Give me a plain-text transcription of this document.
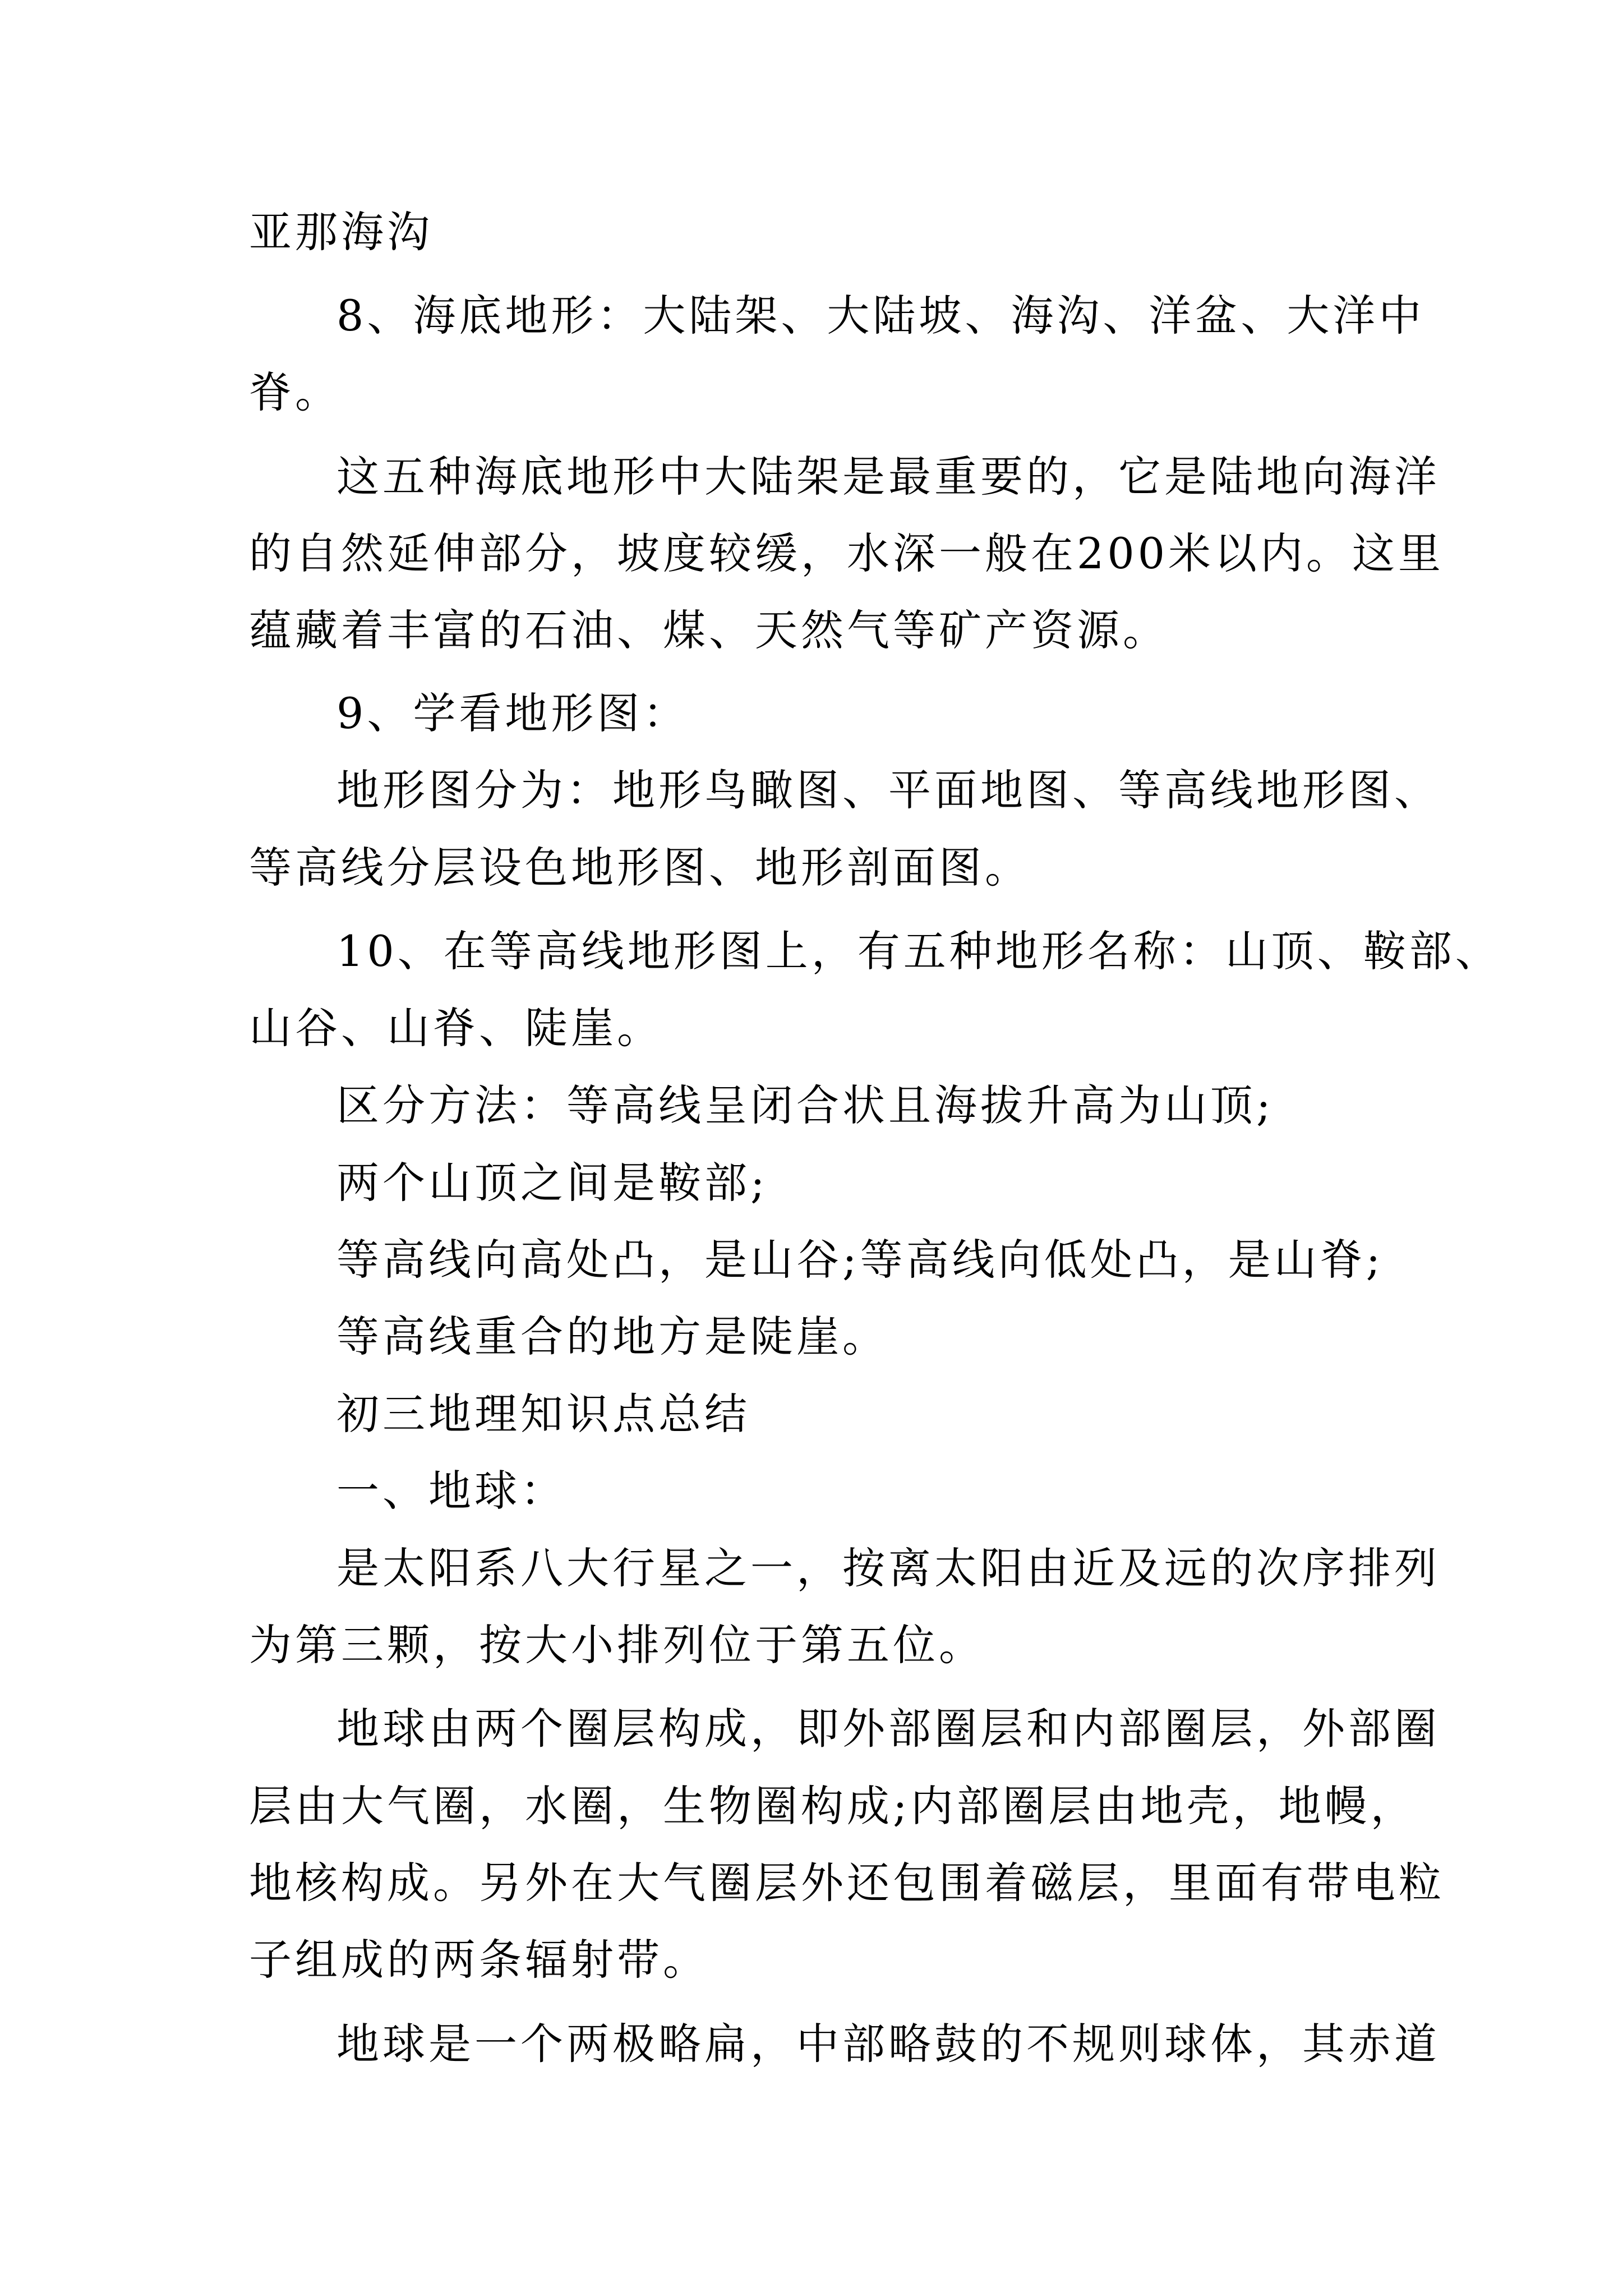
亚那海沟
8、海底地形：大陆架、大陆坡、海沟、洋盆、大洋中
脊。
这五种海底地形中大陆架是最重要的，它是陆地向海洋
的自然延伸部分，坡度较缓，水深一般在200米以内。这里
蕴藏着丰富的石油、煤、天然气等矿产资源。
9、学看地形图：
地形图分为：地形鸟瞰图、平面地图、等高线地形图、
等高线分层设色地形图、地形剖面图。
10、在等高线地形图上，有五种地形名称：山顶、鞍部、
山谷、山脊、陡崖。
区分方法：等高线呈闭合状且海拔升高为山顶;
两个山顶之间是鞍部;
等高线向高处凸，是山谷;等高线向低处凸，是山脊;
等高线重合的地方是陡崖。
初三地理知识点总结
一、地球：
是太阳系八大行星之一，按离太阳由近及远的次序排列
为第三颗，按大小排列位于第五位。
地球由两个圈层构成，即外部圈层和内部圈层，外部圈
层由大气圈，水圈，生物圈构成;内部圈层由地壳，地幔，
地核构成。另外在大气圈层外还包围着磁层，里面有带电粒
子组成的两条辐射带。
地球是一个两极略扁，中部略鼓的不规则球体，其赤道
